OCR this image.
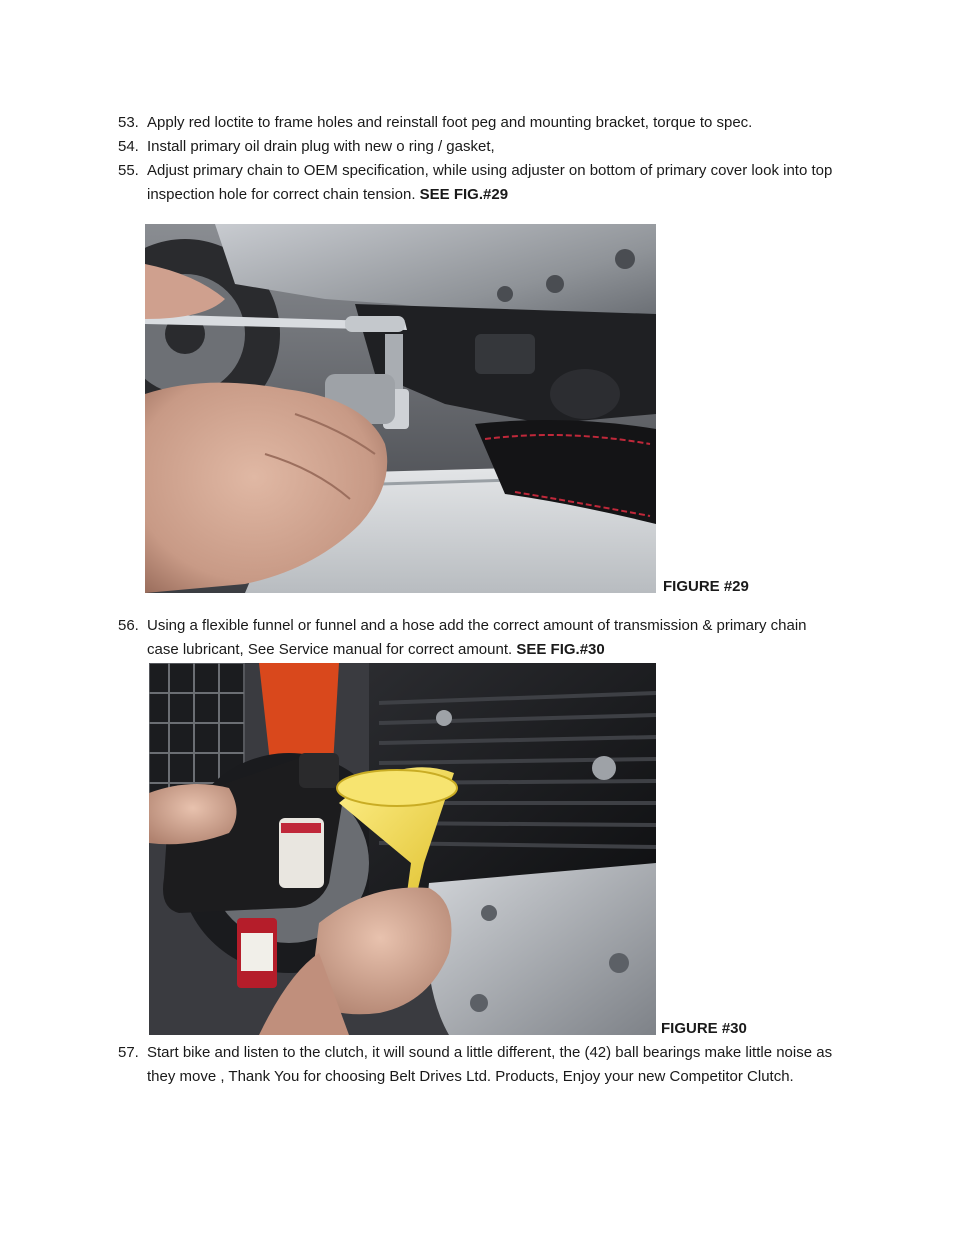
53. Apply red loctite to frame holes and reinstall foot peg and mounting bracket, torque to spec.
54. Install primary oil drain plug with new o ring / gasket,
55. Adjust primary chain to OEM specification, while using adjuster on bottom of primary cover look into top inspection hole for correct chain tension. SEE FIG.#29
FIGURE #29
56. Using a flexible funnel or funnel and a hose add the correct amount of transmission & primary chain case lubricant, See Service manual for correct amount. SEE FIG.#30
FIGURE #30
57. Start bike and listen to the clutch, it will sound a little different, the (42) ball bearings make little noise as they move , Thank You for choosing Belt Drives Ltd. Products, Enjoy your new Competitor Clutch.
